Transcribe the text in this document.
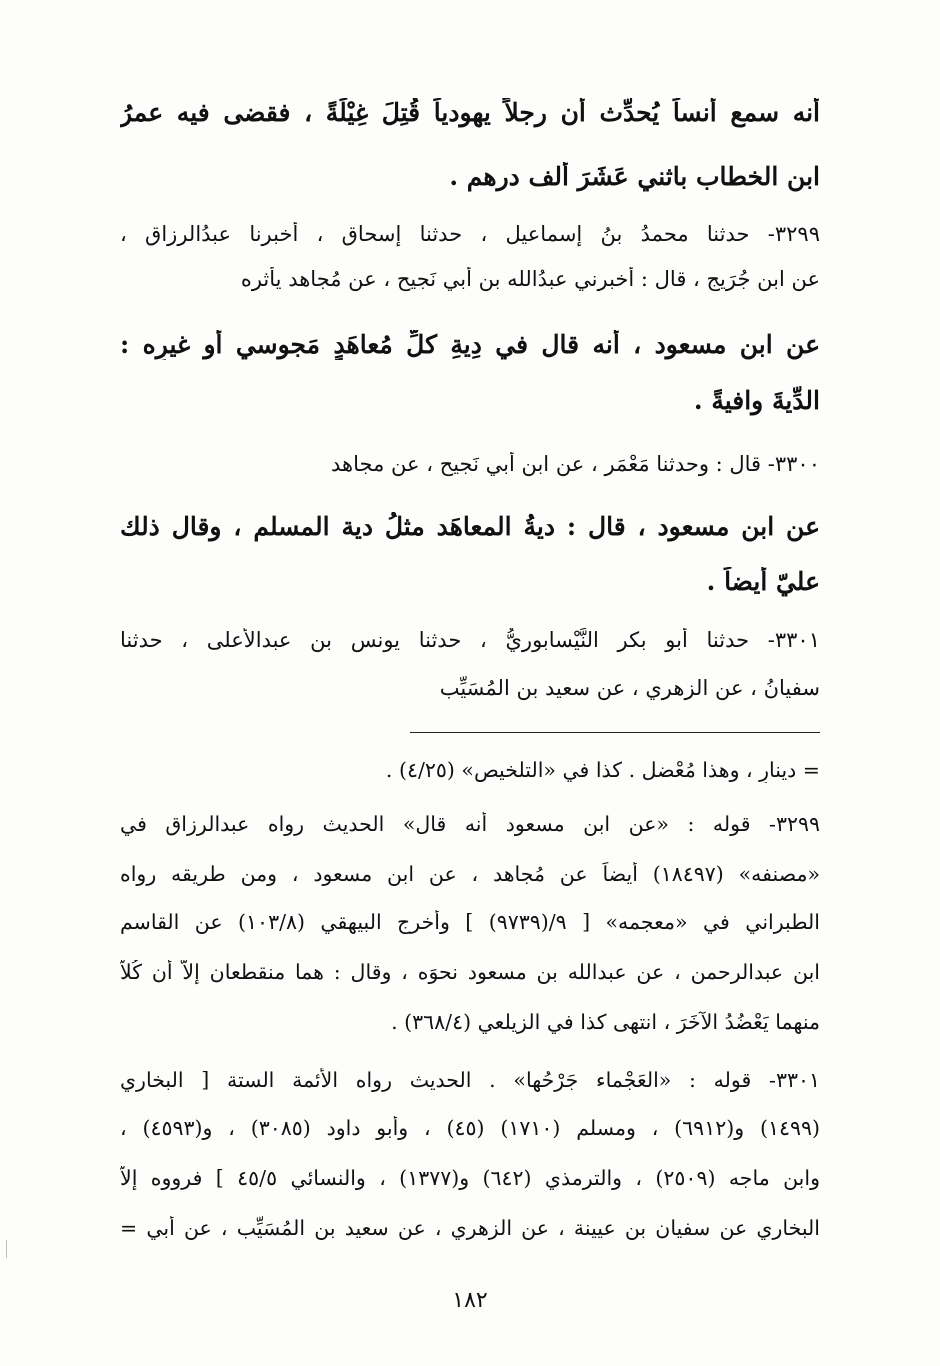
أنه سمع أَنساً يُحدِّث أن رجلاً يهودياً قُتِلَ غِيْلَةً ، فقضى فيه عمرُ
ابن الخطاب باثني عَشَرَ ألف درهم .
٣٢٩٩- حدثنا محمدُ بنُ إسماعيل ، حدثنا إسحاق ، أخبرنا عبدُالرزاق ،
عن ابن جُرَيج ، قال : أخبرني عبدُالله بن أبي نَجيح ، عن مُجاهد يأثره
عن ابن مسعود ، أنه قال في دِيةِ كلِّ مُعاهَدٍ مَجوسي أو غيرِه :
الدِّيةَ وافيةً .
٣٣٠٠- قال : وحدثنا مَعْمَر ، عن ابن أبي نَجيح ، عن مجاهد
عن ابن مسعود ، قال : ديةُ المعاهَد مثلُ دية المسلم ، وقال ذلك
عليّ أيضاً .
٣٣٠١- حدثنا أبو بكر النَّيْسابوريُّ ، حدثنا يونس بن عبدالأعلى ، حدثنا
سفيانُ ، عن الزهري ، عن سعيد بن المُسَيِّب
= دينارٍ ، وهذا مُعْضل . كذا في «التلخيص» (٤/٢٥) .
٣٢٩٩- قوله : «عن ابن مسعود أنه قال» الحديث رواه عبدالرزاق في
«مصنفه» (١٨٤٩٧) أيضاً عن مُجاهد ، عن ابن مسعود ، ومن طريقه رواه
الطبراني في «معجمه» [ ٩/(٩٧٣٩) ] وأخرج البيهقي (١٠٣/٨) عن القاسم
ابن عبدالرحمن ، عن عبدالله بن مسعود نحوَه ، وقال : هما منقطعان إلاّ أن كُلاًّ
منهما يَعْضُدُ الآخَرَ ، انتهى كذا في الزيلعي (٣٦٨/٤) .
٣٣٠١- قوله : «العَجْماء جَرْحُها» . الحديث رواه الأئمة الستة [ البخاري
(١٤٩٩) و(٦٩١٢) ، ومسلم (١٧١٠) (٤٥) ، وأبو داود (٣٠٨٥) ، و(٤٥٩٣) ،
وابن ماجه (٢٥٠٩) ، والترمذي (٦٤٢) و(١٣٧٧) ، والنسائي ٤٥/٥ ] فرووه إلاّ
البخاري عن سفيان بن عيينة ، عن الزهري ، عن سعيد بن المُسَيِّب ، عن أبي =
١٨٢
